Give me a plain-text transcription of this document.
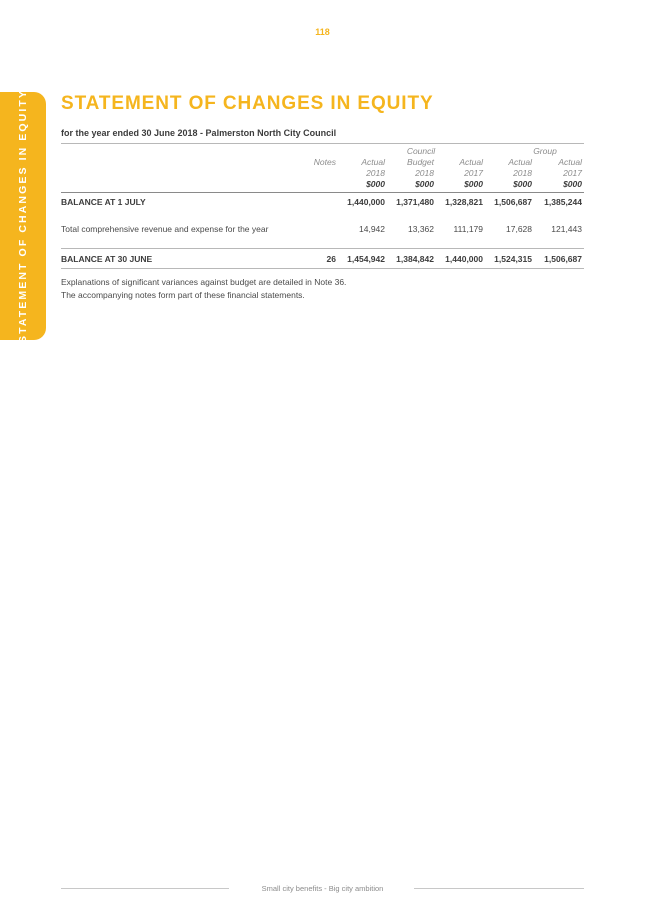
118
STATEMENT OF CHANGES IN EQUITY STATEMENT OF CHANGES IN EQUITY
for the year ended 30 June 2018 - Palmerston North City Council
Council	Group
Notes	Actual	Budget	Actual	Actual	Actual
2018	2018	2017	2018	2017
$000	$000	$000	$000	$000
BALANCE AT 1 JULY	1,440,000 1,371,480 1,328,821 1,506,687 1,385,244
Total comprehensive revenue and expense for the year	14,942	13,362 111,179	17,628 121,443
BALANCE AT 30 JUNE	26 1,454,942 1,384,842 1,440,000 1,524,315 1,506,687
Explanations of significant variances against budget are detailed in Note 36.
The accompanying notes form part of these financial statements.
Small city benefits - Big city ambition
